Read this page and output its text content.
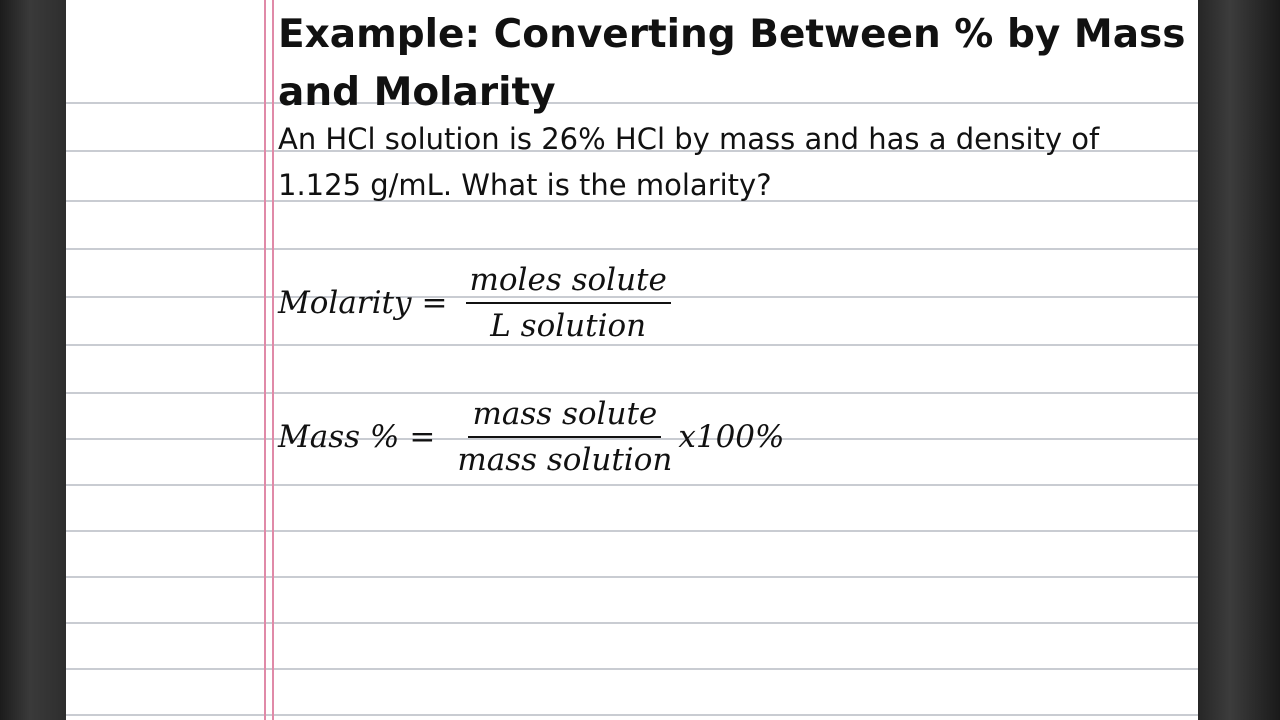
Example: Converting Between % by Mass and Molarity

An HCl solution is 26% HCl by mass and has a density of 1.125 g/mL. What is the molarity?

Molarity = $\frac{\text{moles solute}}{\text{L solution}}$
Mass % = $\frac{\text{mass solute}}{\text{mass solution}} x100\%$
